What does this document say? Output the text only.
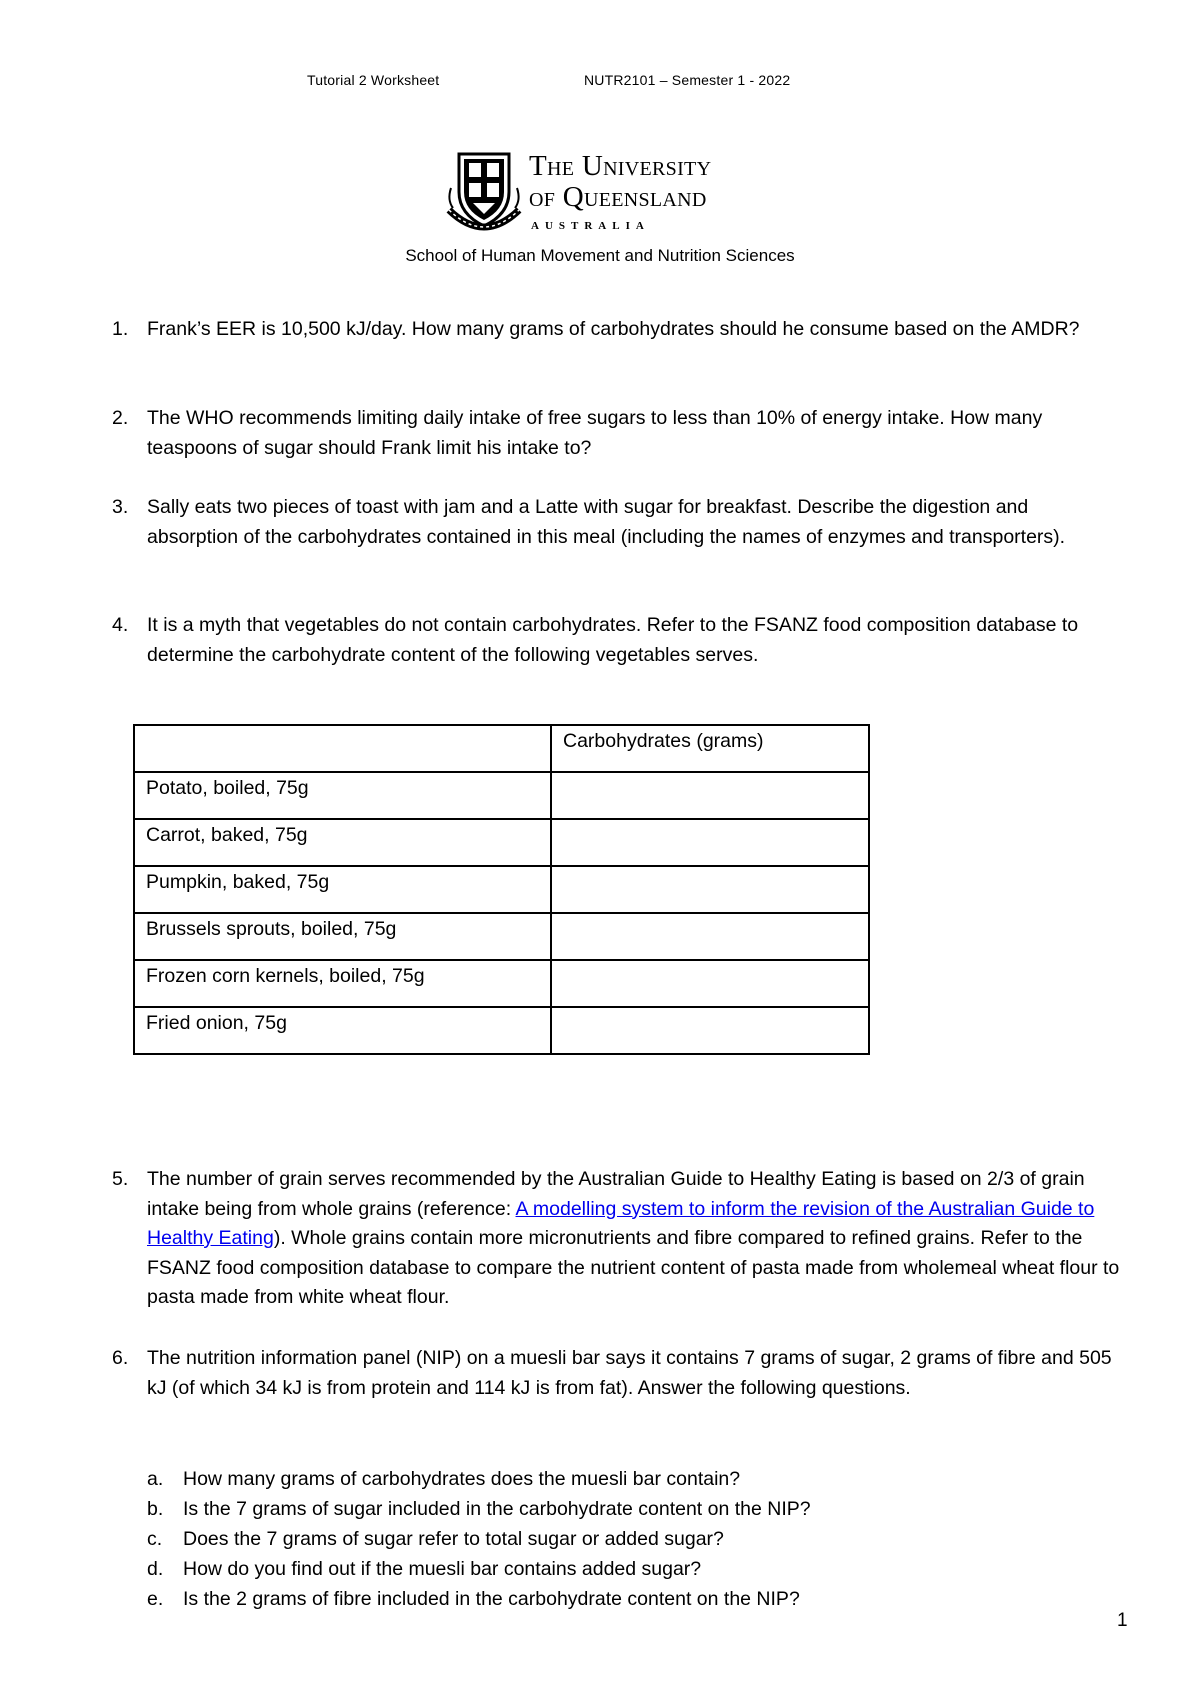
Tutorial 2 Worksheet	NUTR2101 – Semester 1 - 2022
The University
of Queensland
AUSTRALIA
School of Human Movement and Nutrition Sciences
1. Frank’s EER is 10,500 kJ/day. How many grams of carbohydrates should he consume based on the AMDR?
2. The WHO recommends limiting daily intake of free sugars to less than 10% of energy intake. How many teaspoons of sugar should Frank limit his intake to?
3. Sally eats two pieces of toast with jam and a Latte with sugar for breakfast. Describe the digestion and absorption of the carbohydrates contained in this meal (including the names of enzymes and transporters).
4. It is a myth that vegetables do not contain carbohydrates. Refer to the FSANZ food composition database to determine the carbohydrate content of the following vegetables serves.
	Carbohydrates (grams)
Potato, boiled, 75g	
Carrot, baked, 75g	
Pumpkin, baked, 75g	
Brussels sprouts, boiled, 75g	
Frozen corn kernels, boiled, 75g	
Fried onion, 75g	
5. The number of grain serves recommended by the Australian Guide to Healthy Eating is based on 2/3 of grain intake being from whole grains (reference: A modelling system to inform the revision of the Australian Guide to Healthy Eating). Whole grains contain more micronutrients and fibre compared to refined grains. Refer to the FSANZ food composition database to compare the nutrient content of pasta made from wholemeal wheat flour to pasta made from white wheat flour.
6. The nutrition information panel (NIP) on a muesli bar says it contains 7 grams of sugar, 2 grams of fibre and 505 kJ (of which 34 kJ is from protein and 114 kJ is from fat). Answer the following questions.
a. How many grams of carbohydrates does the muesli bar contain?
b. Is the 7 grams of sugar included in the carbohydrate content on the NIP?
c. Does the 7 grams of sugar refer to total sugar or added sugar?
d. How do you find out if the muesli bar contains added sugar?
e. Is the 2 grams of fibre included in the carbohydrate content on the NIP?
1
